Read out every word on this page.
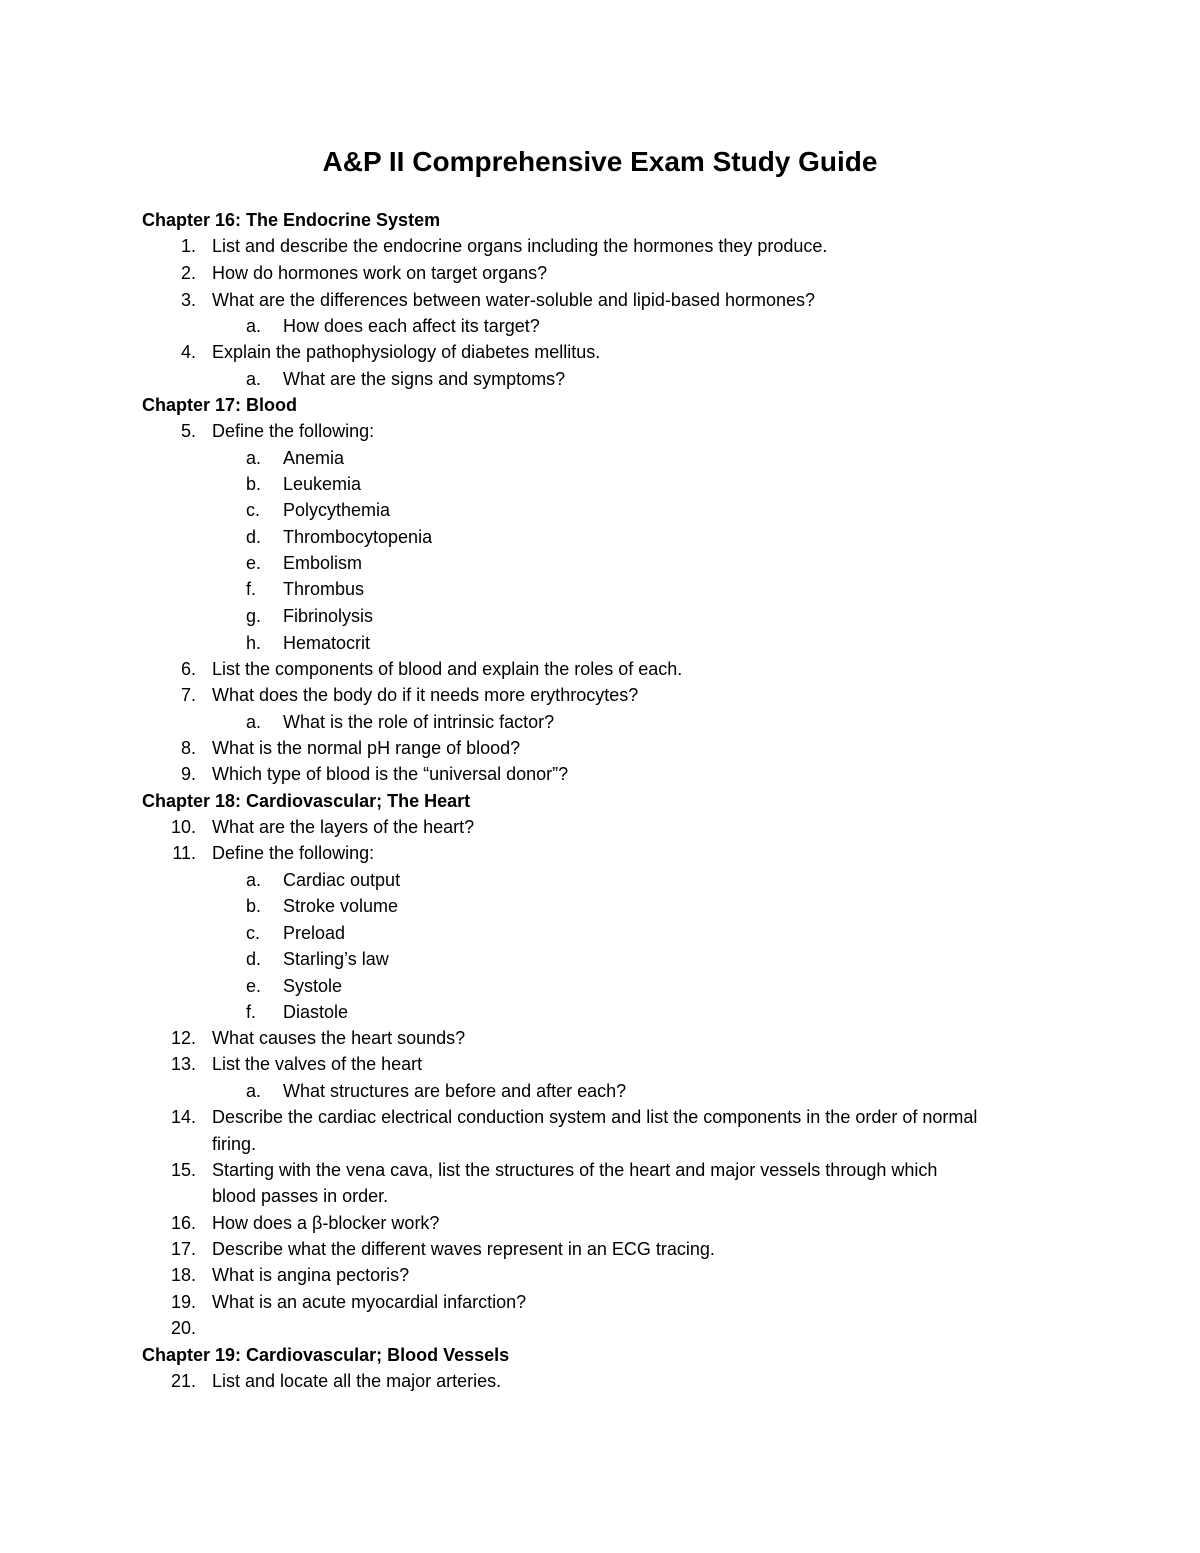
A&P II Comprehensive Exam Study Guide
Chapter 16: The Endocrine System
1. List and describe the endocrine organs including the hormones they produce.
2. How do hormones work on target organs?
3. What are the differences between water-soluble and lipid-based hormones?
a. How does each affect its target?
4. Explain the pathophysiology of diabetes mellitus.
a. What are the signs and symptoms?
Chapter 17: Blood
5. Define the following:
a. Anemia
b. Leukemia
c. Polycythemia
d. Thrombocytopenia
e. Embolism
f. Thrombus
g. Fibrinolysis
h. Hematocrit
6. List the components of blood and explain the roles of each.
7. What does the body do if it needs more erythrocytes?
a. What is the role of intrinsic factor?
8. What is the normal pH range of blood?
9. Which type of blood is the “universal donor”?
Chapter 18: Cardiovascular; The Heart
10. What are the layers of the heart?
11. Define the following:
a. Cardiac output
b. Stroke volume
c. Preload
d. Starling’s law
e. Systole
f. Diastole
12. What causes the heart sounds?
13. List the valves of the heart
a. What structures are before and after each?
14. Describe the cardiac electrical conduction system and list the components in the order of normal
firing.
15. Starting with the vena cava, list the structures of the heart and major vessels through which
blood passes in order.
16. How does a β-blocker work?
17. Describe what the different waves represent in an ECG tracing.
18. What is angina pectoris?
19. What is an acute myocardial infarction?
20.
Chapter 19: Cardiovascular; Blood Vessels
21. List and locate all the major arteries.
